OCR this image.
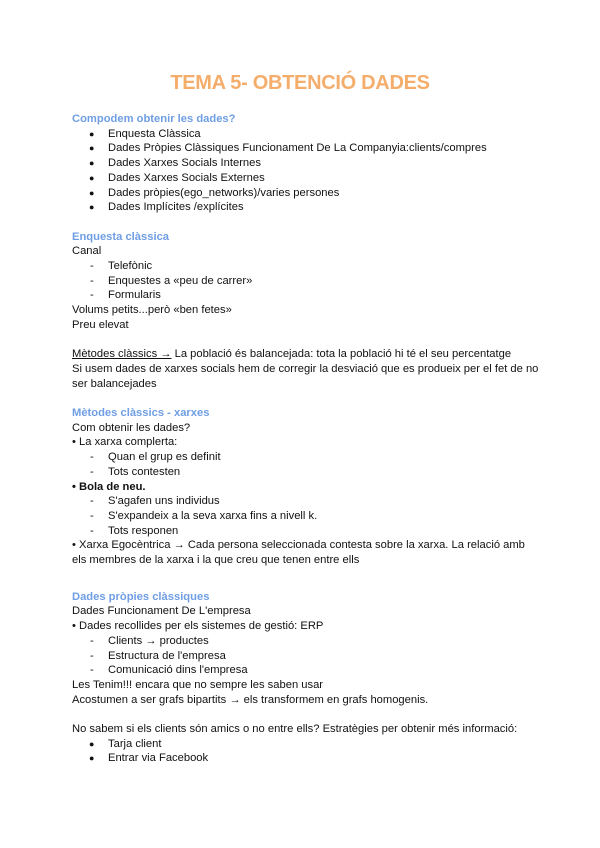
TEMA 5- OBTENCIÓ DADES
Compodem obtenir les dades?
● Enquesta Clàssica
● Dades Pròpies Clàssiques Funcionament De La Companyia:clients/compres
● Dades Xarxes Socials Internes
● Dades Xarxes Socials Externes
● Dades pròpies(ego_networks)/varies persones
● Dades Implícites /explícites
Enquesta clàssica
Canal
- Telefònic
- Enquestes a «peu de carrer»
- Formularis
Volums petits...però «ben fetes»
Preu elevat
Mètodes clàssics → La població és balancejada: tota la població hi té el seu percentatge
Si usem dades de xarxes socials hem de corregir la desviació que es produeix per el fet de no ser balancejades
Mètodes clàssics - xarxes
Com obtenir les dades?
• La xarxa complerta:
- Quan el grup es definit
- Tots contesten
• Bola de neu.
- S'agafen uns individus
- S'expandeix a la seva xarxa fins a nivell k.
- Tots responen
• Xarxa Egocèntrica → Cada persona seleccionada contesta sobre la xarxa. La relació amb els membres de la xarxa i la que creu que tenen entre ells
Dades pròpies clàssiques
Dades Funcionament De L'empresa
• Dades recollides per els sistemes de gestió: ERP
- Clients → productes
- Estructura de l'empresa
- Comunicació dins l'empresa
Les Tenim!!! encara que no sempre les saben usar
Acostumen a ser grafs bipartits → els transformem en grafs homogenis.
No sabem si els clients són amics o no entre ells? Estratègies per obtenir més informació:
● Tarja client
● Entrar via Facebook
